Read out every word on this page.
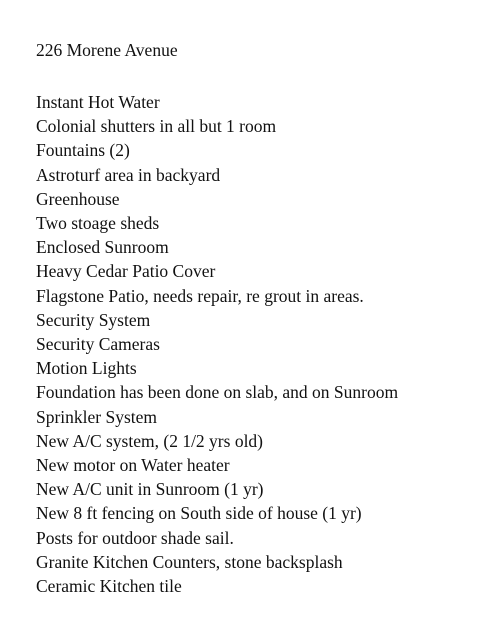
226 Morene Avenue
Instant Hot Water
Colonial shutters in all but 1 room
Fountains (2)
Astroturf area in backyard
Greenhouse
Two stoage sheds
Enclosed Sunroom
Heavy Cedar Patio Cover
Flagstone Patio, needs repair, re grout in areas.
Security System
Security Cameras
Motion Lights
Foundation has been done on slab, and on Sunroom
Sprinkler System
New A/C system, (2 1/2 yrs old)
New motor on Water heater
New A/C unit in Sunroom (1 yr)
New 8 ft fencing on South side of house (1 yr)
Posts for outdoor shade sail.
Granite Kitchen Counters, stone backsplash
Ceramic Kitchen tile
